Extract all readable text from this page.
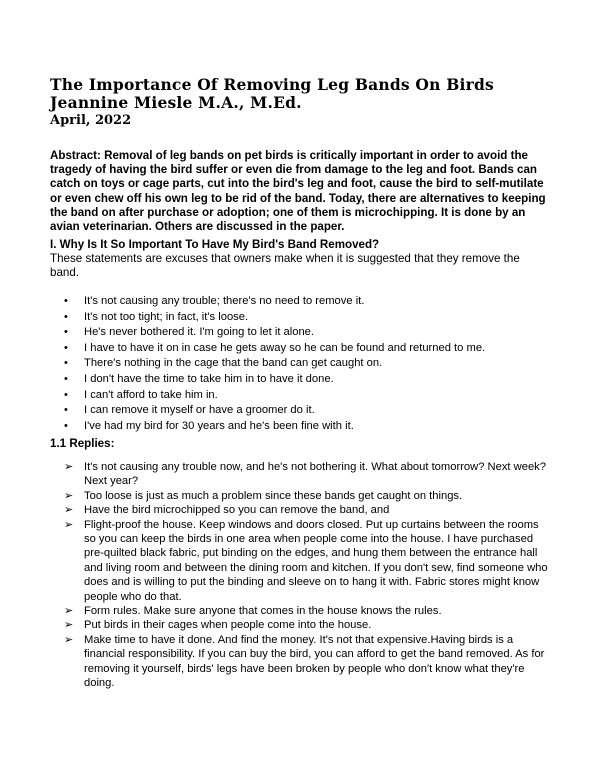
The Importance Of Removing Leg Bands On Birds
Jeannine Miesle M.A., M.Ed.
April, 2022
Abstract: Removal of leg bands on pet birds is critically important in order to avoid the tragedy of having the bird suffer or even die from damage to the leg and foot. Bands can catch on toys or cage parts, cut into the bird's leg and foot, cause the bird to self-mutilate or even chew off his own leg to be rid of the band. Today, there are alternatives to keeping the band on after purchase or adoption; one of them is microchipping. It is done by an avian veterinarian. Others are discussed in the paper.
I. Why Is It So Important To Have My Bird's Band Removed?
These statements are excuses that owners make when it is suggested that they remove the band.
• It's not causing any trouble; there's no need to remove it.
• It's not too tight; in fact, it's loose.
• He's never bothered it. I'm going to let it alone.
• I have to have it on in case he gets away so he can be found and returned to me.
• There's nothing in the cage that the band can get caught on.
• I don't have the time to take him in to have it done.
• I can't afford to take him in.
• I can remove it myself or have a groomer do it.
• I've had my bird for 30 years and he's been fine with it.
1.1 Replies:
➢ It's not causing any trouble now, and he's not bothering it. What about tomorrow? Next week? Next year?
➢ Too loose is just as much a problem since these bands get caught on things.
➢ Have the bird microchipped so you can remove the band, and
➢ Flight-proof the house. Keep windows and doors closed. Put up curtains between the rooms so you can keep the birds in one area when people come into the house. I have purchased pre-quilted black fabric, put binding on the edges, and hung them between the entrance hall and living room and between the dining room and kitchen. If you don't sew, find someone who does and is willing to put the binding and sleeve on to hang it with. Fabric stores might know people who do that.
➢ Form rules. Make sure anyone that comes in the house knows the rules.
➢ Put birds in their cages when people come into the house.
➢ Make time to have it done. And find the money. It's not that expensive.Having birds is a financial responsibility. If you can buy the bird, you can afford to get the band removed. As for removing it yourself, birds' legs have been broken by people who don't know what they're doing.
